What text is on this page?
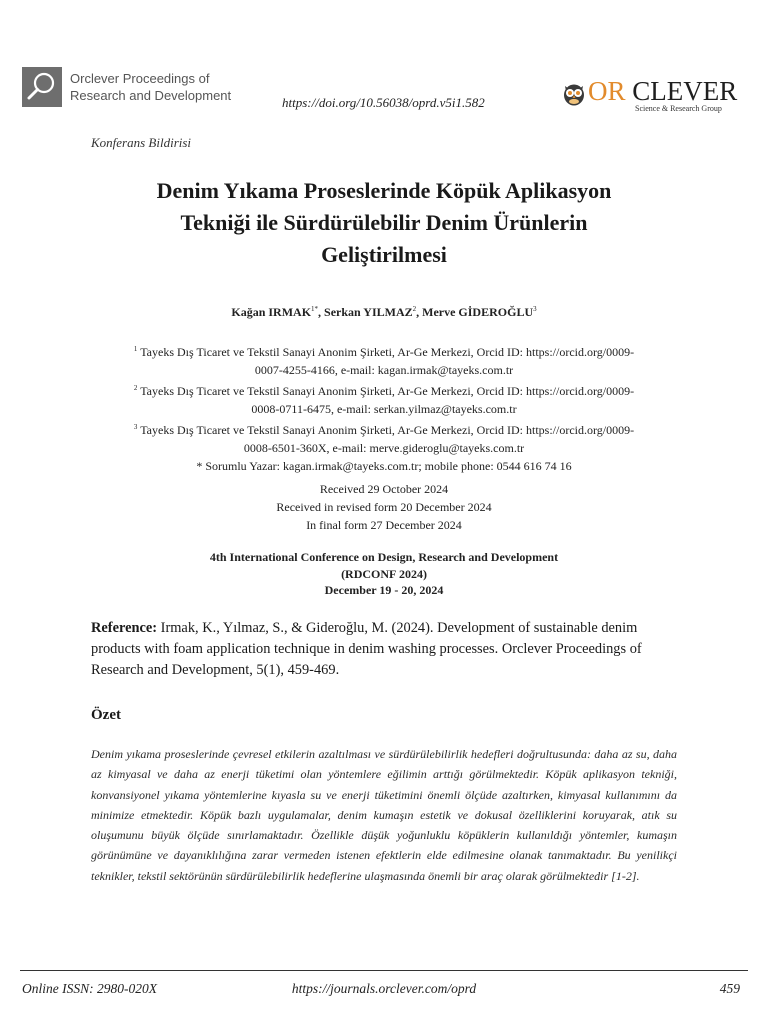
Orclever Proceedings of
Research and Development	https://doi.org/10.56038/oprd.v5i1.582	OR CLEVER
Science & Research Group
Konferans Bildirisi
Denim Yıkama Proseslerinde Köpük Aplikasyon
Tekniği ile Sürdürülebilir Denim Ürünlerin
Geliştirilmesi
Kağan $IRMAK^{1*}$, Serkan YILMAZ$^2$, Merve GİDEROĞLU$^3$
$^1$ Tayeks Dış Ticaret ve Tekstil Sanayi Anonim Şirketi, Ar-Ge Merkezi, Orcid ID: https://orcid.org/0009-
0007-4255-4166, e-mail: kagan.irmak@tayeks.com.tr
$^2$ Tayeks Dış Ticaret ve Tekstil Sanayi Anonim Şirketi, Ar-Ge Merkezi, Orcid ID: https://orcid.org/0009-
0008-0711-6475, e-mail: serkan.yilmaz@tayeks.com.tr
$^3$ Tayeks Dış Ticaret ve Tekstil Sanayi Anonim Şirketi, Ar-Ge Merkezi, Orcid ID: https://orcid.org/0009-
0008-6501-360X, e-mail: merve.gideroglu@tayeks.com.tr
* Sorumlu Yazar: kagan.irmak@tayeks.com.tr; mobile phone: 0544 616 74 16
Received 29 October 2024
Received in revised form 20 December 2024
In final form 27 December 2024
4th International Conference on Design, Research and Development
(RDCONF 2024)
December 19 - 20, 2024
Reference: Irmak, K., Yılmaz, S., & Gideroğlu, M. (2024). Development of sustainable denim products with foam application technique in denim washing processes. Orclever Proceedings of Research and Development, 5(1), 459-469.
Özet
Denim yıkama proseslerinde çevresel etkilerin azaltılması ve sürdürülebilirlik hedefleri doğrultusunda: daha az su, daha az kimyasal ve daha az enerji tüketimi olan yöntemlere eğilimin arttığı görülmektedir. Köpük aplikasyon tekniği, konvansiyonel yıkama yöntemlerine kıyasla su ve enerji tüketimini önemli ölçüde azaltırken, kimyasal kullanımını da minimize etmektedir. Köpük bazlı uygulamalar, denim kumaşın estetik ve dokusal özelliklerini koruyarak, atık su oluşumunu büyük ölçüde sınırlamaktadır. Özellikle düşük yoğunluklu köpüklerin kullanıldığı yöntemler, kumaşın görünümüne ve dayanıklılığına zarar vermeden istenen efektlerin elde edilmesine olanak tanımaktadır. Bu yenilikçi teknikler, tekstil sektörünün sürdürülebilirlik hedeflerine ulaşmasında önemli bir araç olarak görülmektedir [1-2].
Online ISSN: 2980-020X	https://journals.orclever.com/oprd	459
